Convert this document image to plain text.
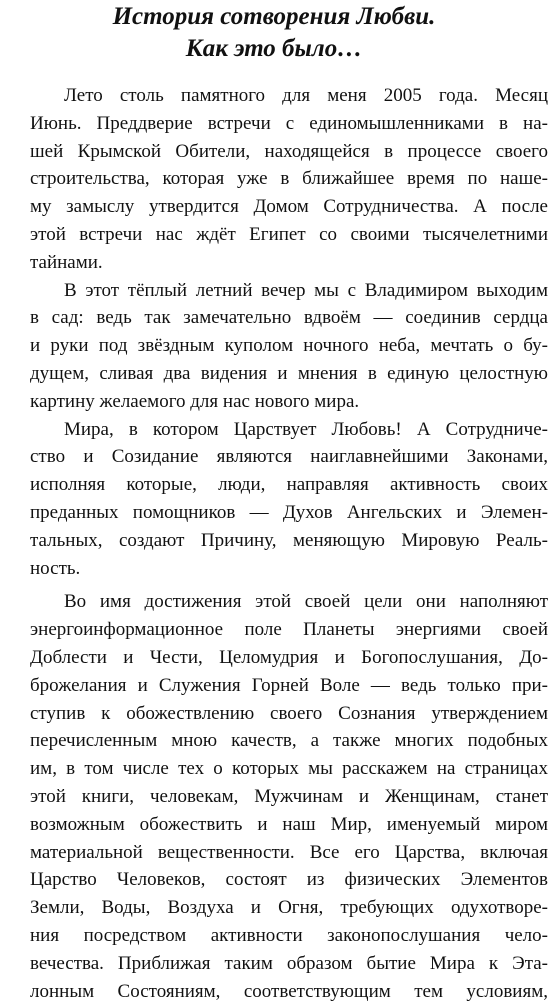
История сотворения Любви.
Как это было…
Лето столь памятного для меня 2005 года. Месяц
Июнь. Преддверие встречи с единомышленниками в на-
шей Крымской Обители, находящейся в процессе своего
строительства, которая уже в ближайшее время по наше-
му замыслу утвердится Домом Сотрудничества. А после
этой встречи нас ждёт Египет со своими тысячелетними
тайнами.
В этот тёплый летний вечер мы с Владимиром выходим
в сад: ведь так замечательно вдвоём — соединив сердца
и руки под звёздным куполом ночного неба, мечтать о бу-
дущем, сливая два видения и мнения в единую целостную
картину желаемого для нас нового мира.
Мира, в котором Царствует Любовь! А Сотрудниче-
ство и Созидание являются наиглавнейшими Законами,
исполняя которые, люди, направляя активность своих
преданных помощников — Духов Ангельских и Элемен-
тальных, создают Причину, меняющую Мировую Реаль-
ность.
Во имя достижения этой своей цели они наполняют
энергоинформационное поле Планеты энергиями своей
Доблести и Чести, Целомудрия и Богопослушания, До-
брожелания и Служения Горней Воле — ведь только при-
ступив к обожествлению своего Сознания утверждением
перечисленным мною качеств, а также многих подобных
им, в том числе тех о которых мы расскажем на страницах
этой книги, человекам, Мужчинам и Женщинам, станет
возможным обожествить и наш Мир, именуемый миром
материальной вещественности. Все его Царства, включая
Царство Человеков, состоят из физических Элементов
Земли, Воды, Воздуха и Огня, требующих одухотворе-
ния посредством активности законопослушания чело-
вечества. Приближая таким образом бытие Мира к Эта-
лонным Состояниям, соответствующим тем условиям,
